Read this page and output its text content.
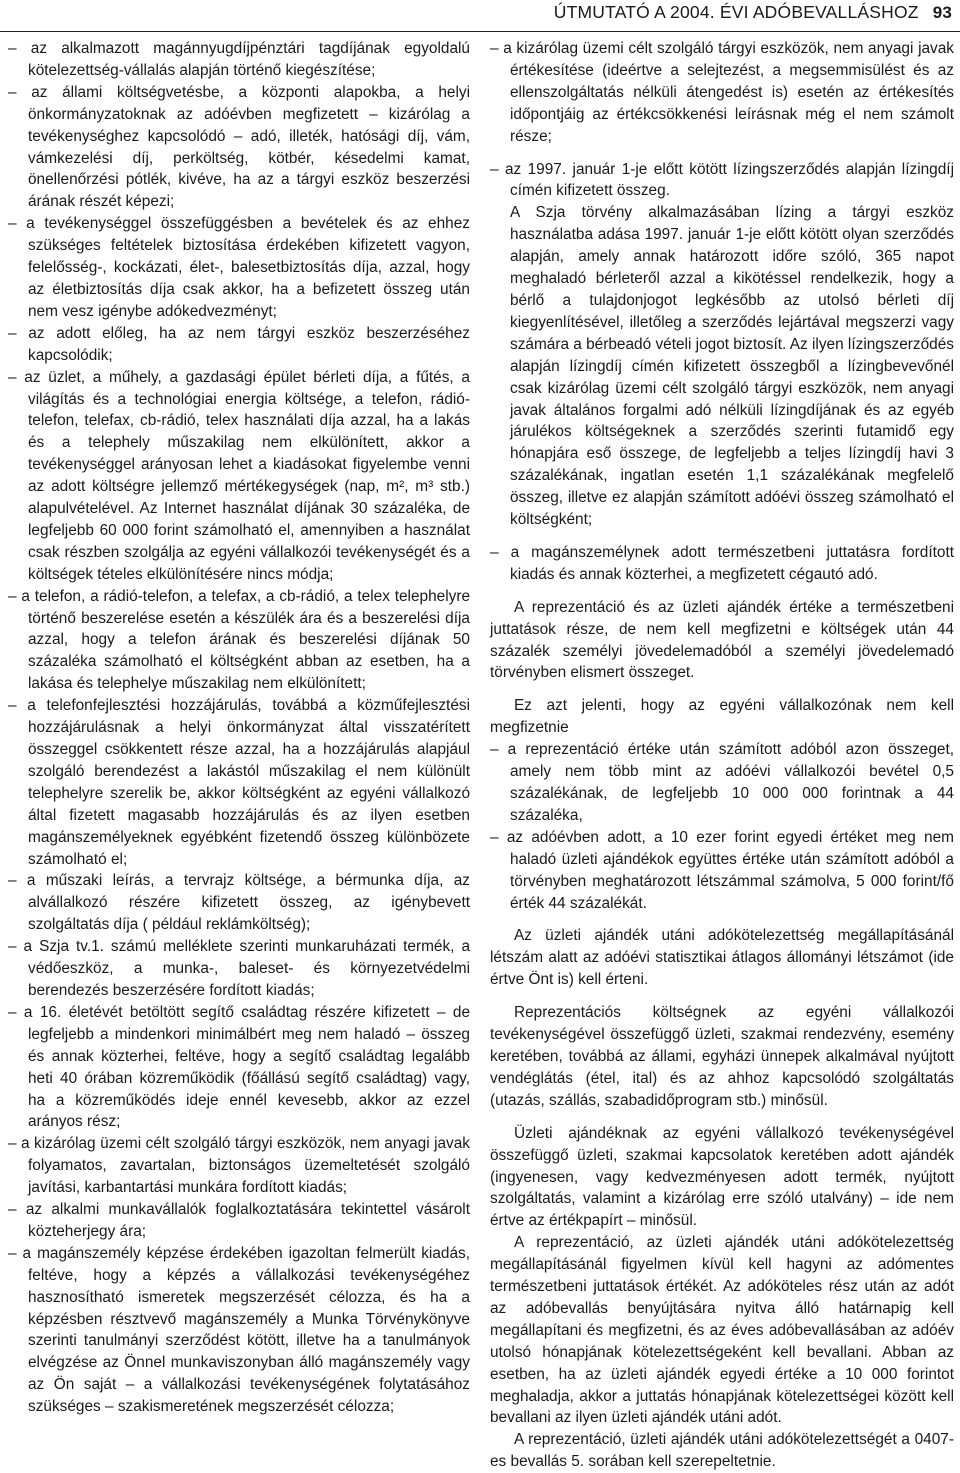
ÚTMUTATÓ A 2004. ÉVI ADÓBEVALLÁSHOZ 93
– az alkalmazott magánnyugdíjpénztári tagdíjának egyoldalú kötelezettség-vállalás alapján történő kiegészítése;
– az állami költségvetésbe, a központi alapokba, a helyi önkormányzatoknak az adóévben megfizetett – kizárólag a tevékenységhez kapcsolódó – adó, illeték, hatósági díj, vám, vámkezelési díj, perköltség, kötbér, késedelmi kamat, önellenőrzési pótlék, kivéve, ha az a tárgyi eszköz beszerzési árának részét képezi;
– a tevékenységgel összefüggésben a bevételek és az ehhez szükséges feltételek biztosítása érdekében kifizetett vagyon, felelősség-, kockázati, élet-, balesetbiztosítás díja, azzal, hogy az életbiztosítás díja csak akkor, ha a befizetett összeg után nem vesz igénybe adókedvezményt;
– az adott előleg, ha az nem tárgyi eszköz beszerzéséhez kapcsolódik;
– az üzlet, a műhely, a gazdasági épület bérleti díja, a fűtés, a világítás és a technológiai energia költsége, a telefon, rádió-telefon, telefax, cb-rádió, telex használati díja azzal, ha a lakás és a telephely műszakilag nem elkülönített, akkor a tevékenységgel arányosan lehet a kiadásokat figyelembe venni az adott költségre jellemző mértékegységek (nap, m², m³ stb.) alapulvételével. Az Internet használat díjának 30 százaléka, de legfeljebb 60 000 forint számolható el, amennyiben a használat csak részben szolgálja az egyéni vállalkozói tevékenységét és a költségek tételes elkülönítésére nincs módja;
– a telefon, a rádió-telefon, a telefax, a cb-rádió, a telex telephelyre történő beszerelése esetén a készülék ára és a beszerelési díja azzal, hogy a telefon árának és beszerelési díjának 50 százaléka számolható el költségként abban az esetben, ha a lakása és telephelye műszakilag nem elkülönített;
– a telefonfejlesztési hozzájárulás, továbbá a közműfejlesztési hozzájárulásnak a helyi önkormányzat által visszatérített összeggel csökkentett része azzal, ha a hozzájárulás alapjául szolgáló berendezést a lakástól műszakilag el nem különült telephelyre szerelik be, akkor költségként az egyéni vállalkozó által fizetett magasabb hozzájárulás és az ilyen esetben magánszemélyeknek egyébként fizetendő összeg különbözete számolható el;
– a műszaki leírás, a tervrajz költsége, a bérmunka díja, az alvállalkozó részére kifizetett összeg, az igénybevett szolgáltatás díja ( például reklámköltség);
– a Szja tv.1. számú melléklete szerinti munkaruházati termék, a védőeszköz, a munka-, baleset- és környezetvédelmi berendezés beszerzésére fordított kiadás;
– a 16. életévét betöltött segítő családtag részére kifizetett – de legfeljebb a mindenkori minimálbért meg nem haladó – összeg és annak közterhei, feltéve, hogy a segítő családtag legalább heti 40 órában közreműködik (főállású segítő családtag) vagy, ha a közreműködés ideje ennél kevesebb, akkor az ezzel arányos rész;
– a kizárólag üzemi célt szolgáló tárgyi eszközök, nem anyagi javak folyamatos, zavartalan, biztonságos üzemeltetését szolgáló javítási, karbantartási munkára fordított kiadás;
– az alkalmi munkavállalók foglalkoztatására tekintettel vásárolt közteherjegy ára;
– a magánszemély képzése érdekében igazoltan felmerült kiadás, feltéve, hogy a képzés a vállalkozási tevékenységéhez hasznosítható ismeretek megszerzését célozza, és ha a képzésben résztvevő magánszemély a Munka Törvénykönyve szerinti tanulmányi szerződést kötött, illetve ha a tanulmányok elvégzése az Önnel munkaviszonyban álló magánszemély vagy az Ön saját – a vállalkozási tevékenységének folytatásához szükséges – szakismeretének megszerzését célozza;
– a kizárólag üzemi célt szolgáló tárgyi eszközök, nem anyagi javak értékesítése (ideértve a selejtezést, a megsemmisülést és az ellenszolgáltatás nélküli átengedést is) esetén az értékesítés időpontjáig az értékcsökkenési leírásnak még el nem számolt része;
– az 1997. január 1-je előtt kötött lízingszerződés alapján lízingdíj címén kifizetett összeg.
A Szja törvény alkalmazásában lízing a tárgyi eszköz használatba adása 1997. január 1-je előtt kötött olyan szerződés alapján, amely annak határozott időre szóló, 365 napot meghaladó bérleteről azzal a kikötéssel rendelkezik, hogy a bérlő a tulajdonjogot legkésőbb az utolsó bérleti díj kiegyenlítésével, illetőleg a szerződés lejártával megszerzi vagy számára a bérbeadó vételi jogot biztosít. Az ilyen lízingszerződés alapján lízingdíj címén kifizetett összegből a lízingbevevőnél csak kizárólag üzemi célt szolgáló tárgyi eszközök, nem anyagi javak általános forgalmi adó nélküli lízingdíjának és az egyéb járulékos költségeknek a szerződés szerinti futamidő egy hónapjára eső összege, de legfeljebb a teljes lízingdíj havi 3 százalékának, ingatlan esetén 1,1 százalékának megfelelő összeg, illetve ez alapján számított adóévi összeg számolható el költségként;
– a magánszemélynek adott természetbeni juttatásra fordított kiadás és annak közterhei, a megfizetett cégautó adó.
A reprezentáció és az üzleti ajándék értéke a természetbeni juttatások része, de nem kell megfizetni e költségek után 44 százalék személyi jövedelemadóból a személyi jövedelemadó törvényben elismert összeget.
Ez azt jelenti, hogy az egyéni vállalkozónak nem kell megfizetnie
– a reprezentáció értéke után számított adóból azon összeget, amely nem több mint az adóévi vállalkozói bevétel 0,5 százalékának, de legfeljebb 10 000 000 forintnak a 44 százaléka,
– az adóévben adott, a 10 ezer forint egyedi értéket meg nem haladó üzleti ajándékok együttes értéke után számított adóból a törvényben meghatározott létszámmal számolva, 5 000 forint/fő érték 44 százalékát.
Az üzleti ajándék utáni adókötelezettség megállapításánál létszám alatt az adóévi statisztikai átlagos állományi létszámot (ide értve Önt is) kell érteni.
Reprezentációs költségnek az egyéni vállalkozói tevékenységével összefüggő üzleti, szakmai rendezvény, esemény keretében, továbbá az állami, egyházi ünnepek alkalmával nyújtott vendéglátás (étel, ital) és az ahhoz kapcsolódó szolgáltatás (utazás, szállás, szabadidőprogram stb.) minősül.
Üzleti ajándéknak az egyéni vállalkozó tevékenységével összefüggő üzleti, szakmai kapcsolatok keretében adott ajándék (ingyenesen, vagy kedvezményesen adott termék, nyújtott szolgáltatás, valamint a kizárólag erre szóló utalvány) – ide nem értve az értékpapírt – minősül.
A reprezentáció, az üzleti ajándék utáni adókötelezettség megállapításánál figyelmen kívül kell hagyni az adómentes természetbeni juttatások értékét. Az adóköteles rész után az adót az adóbevallás benyújtására nyitva álló határnapig kell megállapítani és megfizetni, és az éves adóbevallásában az adóév utolsó hónapjának kötelezettségeként kell bevallani. Abban az esetben, ha az üzleti ajándék egyedi értéke a 10 000 forintot meghaladja, akkor a juttatás hónapjának kötelezettségei között kell bevallani az ilyen üzleti ajándék utáni adót.
A reprezentáció, üzleti ajándék utáni adókötelezettségét a 0407-es bevallás 5. sorában kell szerepeltetnie.
